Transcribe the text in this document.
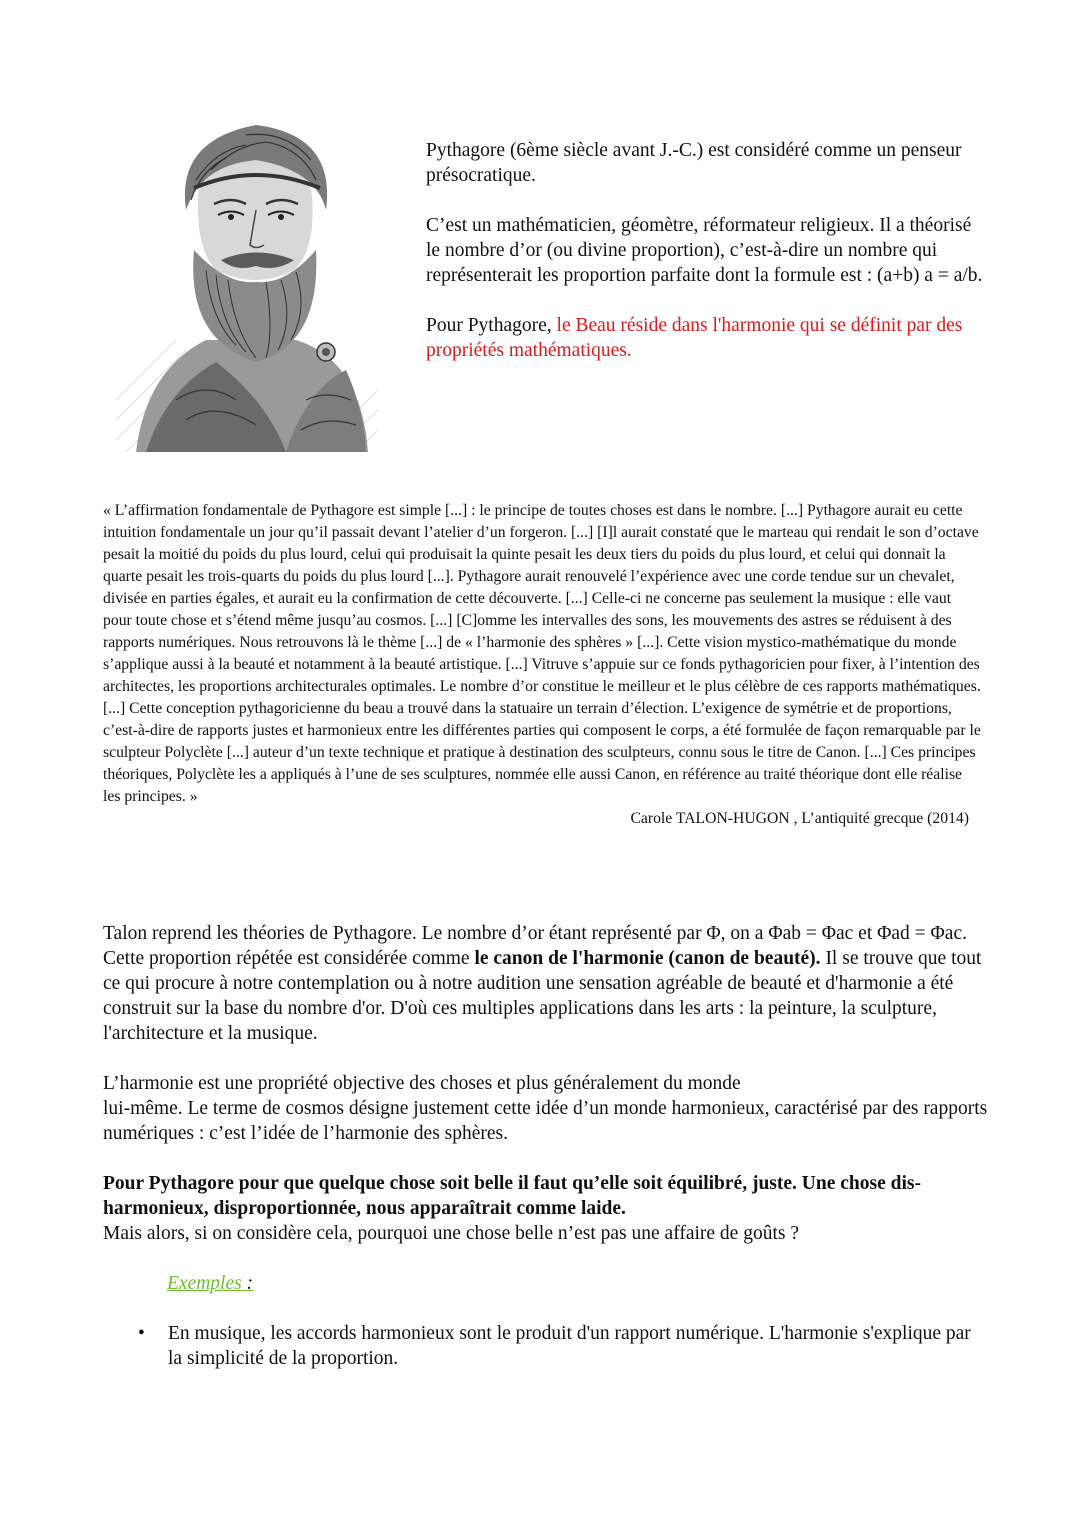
Pythagore (6ème siècle avant J.-C.) est considéré comme un penseur présocratique.

C’est un mathématicien, géomètre, réformateur religieux. Il a théorisé le nombre d’or (ou divine proportion), c’est-à-dire un nombre qui représenterait les proportion parfaite dont la formule est : (a+b) a = a/b.

Pour Pythagore, le Beau réside dans l'harmonie qui se définit par des propriétés mathématiques.

« L’affirmation fondamentale de Pythagore est simple [...] : le principe de toutes choses est dans le nombre. [...] Pythagore aurait eu cette intuition fondamentale un jour qu’il passait devant l’atelier d’un forgeron. [...] [I]l aurait constaté que le marteau qui rendait le son d’octave pesait la moitié du poids du plus lourd, celui qui produisait la quinte pesait les deux tiers du poids du plus lourd, et celui qui donnait la quarte pesait les trois-quarts du poids du plus lourd [...]. Pythagore aurait renouvelé l’expérience avec une corde tendue sur un chevalet, divisée en parties égales, et aurait eu la confirmation de cette découverte. [...] Celle-ci ne concerne pas seulement la musique : elle vaut pour toute chose et s’étend même jusqu’au cosmos. [...] [C]omme les intervalles des sons, les mouvements des astres se réduisent à des rapports numériques. Nous retrouvons là le thème [...] de « l’harmonie des sphères » [...]. Cette vision mystico-mathématique du monde s’applique aussi à la beauté et notamment à la beauté artistique. [...] Vitruve s’appuie sur ce fonds pythagoricien pour fixer, à l’intention des architectes, les proportions architecturales optimales. Le nombre d’or constitue le meilleur et le plus célèbre de ces rapports mathématiques. [...] Cette conception pythagoricienne du beau a trouvé dans la statuaire un terrain d’élection. L’exigence de symétrie et de proportions, c’est-à-dire de rapports justes et harmonieux entre les différentes parties qui composent le corps, a été formulée de façon remarquable par le sculpteur Polyclète [...] auteur d’un texte technique et pratique à destination des sculpteurs, connu sous le titre de Canon. [...] Ces principes théoriques, Polyclète les a appliqués à l’une de ses sculptures, nommée elle aussi Canon, en référence au traité théorique dont elle réalise les principes. »

Carole TALON-HUGON , L’antiquité grecque (2014)

Talon reprend les théories de Pythagore. Le nombre d’or étant représenté par Φ, on a Φab = Φac et Φad = Φac. Cette proportion répétée est considérée comme le canon de l'harmonie (canon de beauté). Il se trouve que tout ce qui procure à notre contemplation ou à notre audition une sensation agréable de beauté et d'harmonie a été construit sur la base du nombre d'or. D'où ces multiples applications dans les arts : la peinture, la sculpture, l'architecture et la musique.

L’harmonie est une propriété objective des choses et plus généralement du monde
lui-même. Le terme de cosmos désigne justement cette idée d’un monde harmonieux, caractérisé par des rapports numériques : c’est l’idée de l’harmonie des sphères.

Pour Pythagore pour que quelque chose soit belle il faut qu’elle soit équilibré, juste. Une chose dis-harmonieux, disproportionnée, nous apparaîtrait comme laide.

Mais alors, si on considère cela, pourquoi une chose belle n’est pas une affaire de goûts ?

Exemples :
• En musique, les accords harmonieux sont le produit d'un rapport numérique. L'harmonie s'explique par la simplicité de la proportion.
